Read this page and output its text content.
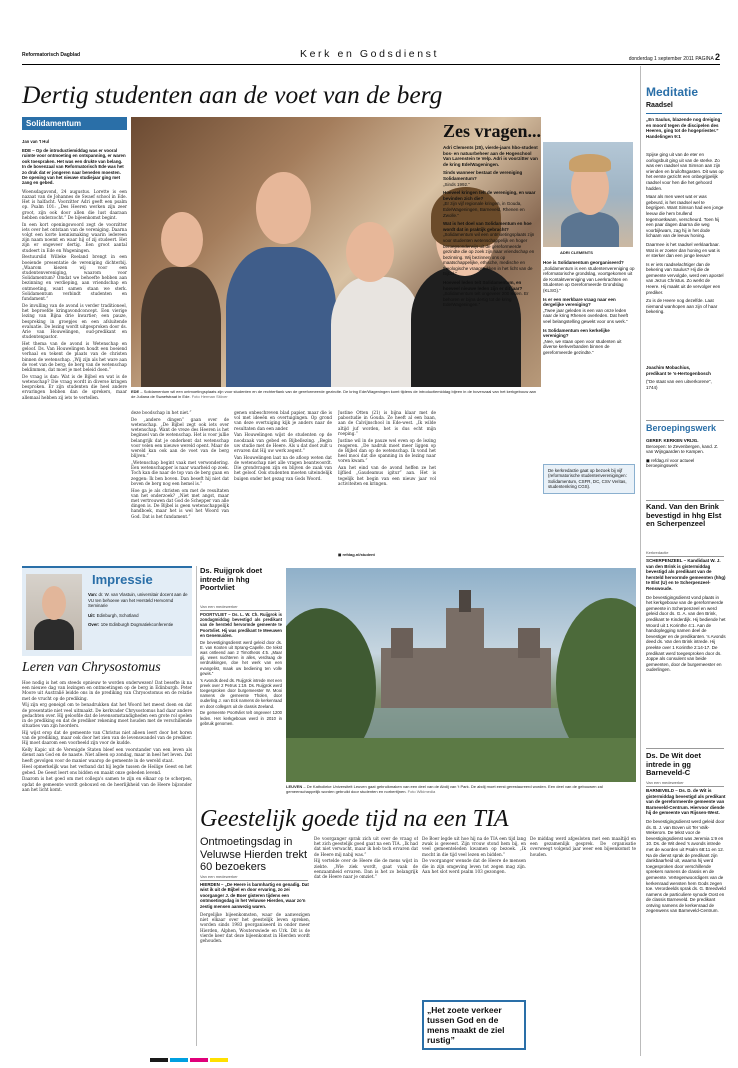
Reformatorisch Dagblad	Kerk en Godsdienst	donderdag 1 september 2011 PAGINA 2
Dertig studenten aan de voet van de berg
Solidamentum
Jan van 't Hul
EDE – Op de introductiemiddag was er vooral ruimte voor ontmoeting en ontspanning, er waren ook toespraken. Het was een drukte van belang. In de bovenzaal van Reformatorisch Ede was het zo druk dat er jongeren naar beneden moesten. De opening van het nieuwe studiejaar ging met zang en gebed.

Woensdagavond, 24 augustus. Lorette is een nazaat van de Johannes de Swaef school in Ede. Het is halfacht. Voorzitter Adri geeft een psalm op. Psalm 101: „Des Heeren werken zijn zeer groot, zijn ook door allen die lust daaraan hebben onderzocht.” De bijeenkomst begint.

In een kort openingswoord zegt de voorzitter iets over het ontstaan van de vereniging. Daarna volgt een korte kennismaking waarin iedereen zijn naam noemt en waar hij of zij studeert. Het zijn er ongeveer dertig. Een groot aantal studeert in Ede en Wageningen.

Bestuurslid Willeke Roeland brengt in een boeiende presentatie de vereniging dichterbij. „Waarom kiezen wij voor een studentenvereniging, waarom voor Solidamentum? Omdat we behoefte hebben aan bezinning en verdieping, aan vriendschap en ontmoeting, want samen staan we sterk. Solidamentum verbindt studenten en fundament.”

De invulling van de avond is verder traditioneel, het beproefde kringavondconcept. Een vierige lezing van Bijna drie kwartier; een pauze, bespreking in groepjes en een afsluitende evaluatie. De lezing wordt uitgesproken door ds. Arie van Houwelingen, oud-predikant en studentenpastor.

Het thema van de avond is Wetenschap en geloof. Ds. Van Houwelingen houdt een boeiend verhaal en tekent de plaats van de christen binnen de wetenschap. „Wij zijn als het ware aan de voet van de berg; de berg van de wetenschap beklimmen, dat moet je met beleid doen.”

De vraag is dan: Wat is de Bijbel en wat is de wetenschap? Die vraag wordt in diverse kringen besproken. Er zijn studenten die heel andere ervaringen hebben dan de sprekers, maar allemaal hebben zij iets te vertellen.

EDE – Solidamentum wil een ontmoetingsplaats zijn voor studenten en de rechterflank van de gereformeerde gezindte. De kring Ede/Wageningen komt tijdens de introductiemiddag bijeen in de bovenzaal van het kerkgebouw aan de Juliana de Swaefstraat in Ede. Foto Herman Stöver

deze boodschap in het niet.”

De „andere dingen” gaan over de wetenschap. „De Bijbel zegt ook iets over wetenschap. Want de vreze des Heeren is het beginsel van de wetenschap. Het is voor jullie belangrijk dat je onderkent dat wetenschap voor velen een nieuwe wereld opent. Maar de wereld kan ook aan de voet van de berg blijven.”

„Wetenschap begint vaak met verwondering. Een wetenschapper is naar waarheid op zoek. Toch kan die naar de top van de berg gaan en zeggen: Ik ben boven. Dan beseft hij niet dat boven de berg nog een hemel is.”

Hoe ga je als christen om met de resultaten van het onderzoek? „Niet met angst, maar met vertrouwen dat God de Schepper van alle dingen is. De Bijbel is geen wetenschappelijk handboek, maar het is wel het Woord van God. Dat is het fundament.”

genen onbeschreven blad papier, maar die is vol met ideeën en overtuigingen. Op grond van deze overtuiging kijk je anders naar de resultaten dan een ander.

Van Houwelingen wijst de studenten op de noodzaak van gebed en Bijbellezing. „Begin uw studie met de Heere. Als u dat doet zult u ervaren dat Hij uw werk zegent.”

Van Houwelingen laat na de afloop weten dat de wetenschap niet alle vragen beantwoordt. Die grondvragen zijn en blijven de zaak van het geloof. Ook studenten moeten uiteindelijk buigen onder het gezag van Gods Woord.

Justine Otten (21) is bijna klaar met de pabostudie in Gouda. Ze heeft al een baan, aan de Calvijnschool in Ede-west. „Ik wilde altijd juf worden, het is dus echt mijn roeping.”

Justine wil in de pauze wel even op de lezing reageren. „De nadruk moet meer liggen op de Bijbel dan op de wetenschap. Ik vond het heel mooi dat die spanning in de lezing naar voren kwam.”

Aan het eind van de avond heffen ze het lijflied „Gaudeamus igitur” aan. Het is tegelijk het begin van een nieuw jaar vol activiteiten en kringen.

◼ refdag.nl/student
Zes vragen...

Adri Clements (20), vierde-jaars hbo-student bos- en natuurbeheer aan de Hogeschool Van Larenstein te Velp. Adri is voorzitter van de kring Ede/Wageningen.

Sinds wanneer bestaat de vereniging Solidamentum?
„Sinds 1992.”

Hoeveel kringen telt de vereniging, en waar bevinden zich die?
„Er zijn vijf regionale kringen, in Gouda, Ede/Wageningen, Barneveld, Rhenen en Zwolle.”

Wat is het doel van Solidamentum en hoe wordt dat in praktijk gebracht?
„Solidamentum wil een ontmoetingsplaats zijn voor studenten wetenschappelijk en hoger beroepsonderwijs uit de gereformeerde gezindte die op zoek zijn naar vriendschap en bezinning. Wij bezinnen ons op maatschappelijke, ethische, medische en theologische vraagstukken in het licht van de Bijbel.”

Hoeveel leden telt Solidamentum, en hoeveel nieuwe leden zijn er dit jaar?
„Solidamentum telt ongeveer 200 leden. Er behoren er bijna dertig tot de kring Ede/Wageningen.”

ADRI CLEMENTS

Hoe is Solidamentum georganiseerd?
„Solidamentum is een studentenvereniging op reformatorische grondslag, voortgekomen uit de Kontaktvereniging van Leerkrachten en Studenten op Gereformeerde Grondslag (KLSG).”

Is er een merkbare vraag naar een dergelijke vereniging?
„Twee jaar geleden is een van onze leden naar de kring Rhenen overleden. Dat heeft veel belangstelling gewekt voor ons werk.”

Is Solidamentum een kerkelijke vereniging?
„Nee, we staan open voor studenten uit diverse kerkverbanden binnen de gereformeerde gezindte.”

De kerkredactie gaat op bezoek bij vijf (reformatorische studentenverenigingen: Solidamentum, CSFR, DC, CSV Veritas, studentenkring CGS).
Meditatie
Raadsel

„En Saulus, blazende nog dreiging en moord tegen de discipelen des Heeren, ging tot de hogepriester.”

Handelingen 9:1

Spijse ging uit van de eter en oorlogsbuit ging uit van de sterke. Zo was een raadsel van Simson aan zijn vrienden en bruiloftsgasten. Dit was op het eerste gezicht een onbegrijpelijk raadsel voor hen die het gehoord hadden.

Maar als men weet wat er was gebeurd, is het raadsel wel te begrijpen. Want Simson had een jonge leeuw die hem brullend tegemoetkwam, verscheurd. Toen hij een paar dagen daarna die weg voorbijkwam, zag hij in het dode lichaam van de leeuw honing.

Daarmee is het raadsel verklaarbaar. Wat is er zoeter dan honing en wat is er sterker dan een jonge leeuw?

Is er iets raadselachtiger dan de bekering van Saulus? Hij die de gemeente vervolgde, werd een apostel van Jezus Christus. Zo werkt de Heere. Hij maakt uit de vervolger een prediker.

Zo is de Heere nog dezelfde. Laat niemand wanhopen aan zijn of haar bekering.

Joachim Mobachius,
predikant te 's-Hertogenbosch
(“De staat van een uitverkorene”, 1744)
Beroepingswerk
GEREF. KERKEN VRIJG.
Beroepen: te Zevenbergen, kand. Z. van Wijngaarden te Kampen.
◼ refdag.nl voor actueel beroepingswerk
Kand. Van den Brink bevestigd in hhg Elst en Scherpenzeel
Kerkredactie

SCHERPENZEEL – Kandidaat W. J. van den Brink is gistermiddag bevestigd als predikant van de hersteld hervormde gemeenten (hhg) te Elst (U) en te Scherpenzeel-Renswoude.

De bevestigingsdienst vond plaats in het kerkgebouw van de gereformeerde gemeente in Scherpenzeel en werd geleid door ds. G. A. van den Brink, predikant te Kinderdijk. Hij bediende het Woord uit 1 Korinthe 4:1. Aan de handoplegging namen deel de bevestiger en de predikanten. 's Avonds deed ds. Van den Brink intrede. Hij preekte over 1 Korinthe 2:14-17. De predikant werd toegesproken door ds. Joppe als consulent van beide gemeenten, door de burgemeester en ouderlingen.

Ds. De Wit doet intrede in gg Barneveld-C
Van een medewerker

BARNEVELD – Ds. D. de Wit is gistermiddag bevestigd als predikant van de gereformeerde gemeente van Barneveld-Centrum. Hiervoor diende hij de gemeente van Rijssen-West.

De bevestigingsdienst werd geleid door ds. B. J. van Boven uit Ter Valk-Wekerom. De tekst voor de bevestigingsdienst was Jeremia 1:9 en 10. Ds. de Wit deed 's avonds intrede met de woorden uit Psalm 68:11 en 12. Na de dienst sprak de predikant zijn dankbaarheid uit, waarna hij werd toegesproken door verschillende sprekers namens de classis en de gemeente. Vertegenwoordigers van de kerkenraad wensten hem Gods zegen toe. Verordeelds sprak ds. G. Breedveld namens de particuliere synode Oost en de classis Barneveld. De predikant ontving namens de kerkenraad de zegenwens van Barneveld-Centrum.

Impressie
Van: dr. W. van Vlastuin, universitair docent aan de VU ten behoeve van het Hersteld Hervormd Seminarie
Uit: Edinburgh, Schotland
Over: 10e Edinburgh Dogmatiekconferentie
Leren van Chrysostomus

Hoe nodig is het om steeds opnieuw te worden onderwezen! Dat besefte ik na een nieuwe dag van lezingen en ontmoetingen op de berg in Edinburgh. Peter Moore uit Australië leidde ons in de prediking van Chrysostomus en de relatie met de vrucht op de prediking.

Wij zijn erg geneigd om te benadrukken dat het Woord het meest doen en dat de presentatie niet veel uitmaakt. De kerkvader Chrysostomus had daar andere gedachten over. Hij geloofde dat de levensomstandigheden een grote rol spelen in de prediking en dat de prediker rekening moet houden met de verschillende situaties van zijn hoorders.

Hij wijst erop dat de gemeente van Christus niet alleen leert door het horen van de prediking, maar ook door het zien van de levenswandel van de prediker. Hij moet daarom een voorbeeld zijn voor de kudde.

Kelly Kapic uit de Verenigde Staten bleef een voorstander van een leven als dienst aan God en de naaste. Niet alleen op zondag, maar in heel het leven. Dat heeft gevolgen voor de manier waarop de gemeente in de wereld staat.

Heel opmerkelijk was het verband dat hij legde tussen de Heilige Geest en het gebed. De Geest leert ons bidden en maakt onze gebeden levend.

Daarom is het goed om met collega's samen te zijn en elkaar op te scherpen, opdat de gemeente wordt gebouwd en de heerlijkheid van de Heere bijzonder aan het licht komt.

Ds. Ruijgrok doet intrede in hhg Poortvliet
Van een medewerker

POORTVLIET – Ds. L. W. Ch. Ruijgrok is zondagmiddag bevestigd als predikant van de hersteld hervormde gemeente te Poortvliet. Hij was predikant te Meeuwen en Genemuiden.

De bevestigingsdienst werd geleid door ds. E. van Kooten uit Sprang-Capelle. De tekst was ontleend aan 2 Timotheüs 4:5. „Maar gij, wees nuchteren in alles, verdraag de verdrukkingen, doe het werk van een evangelist, maak uw bediening ten volle gewis.”

's Avonds deed ds. Ruijgrok intrede met een preek over 2 Petrus 1:19. Ds. Ruijgrok werd toegesproken door burgemeester W. Mooi namens de gemeente Tholen, door ouderling J. van Eck namens de kerkenraad en door collega's uit de classis Zeeland.

De gemeente Poortvliet telt ongeveer 1200 leden. Het kerkgebouw werd in 2010 in gebruik genomen.

LEUVEN – De Katholieke Universiteit Leuven gaat gebruikmaken van een deel van de Abdij van 't Park. De abdij moet eerst gerestaureerd worden. Een deel van de gebouwen zal gemeenschappelijk worden gebruikt door studenten en norbertijnen. Foto Wikimedia
Geestelijk goede tijd na een TIA
Ontmoetingsdag in Veluwse Hierden trekt 60 bezoekers
Van een medewerker
HIERDEN – „De Heere is barmhartig en genadig. Dat wist ik uit de Bijbel en door ervaring, zo zei voorganger J. de Boer gisteren tijdens een ontmoetingsdag in het Veluwse Hierden, waar zo'n zestig mensen aanwezig waren.

Dergelijke bijeenkomsten, waar de aanwezigen niet elkaar over het geestelijk leven spreken, worden sinds 1983 georganiseerd in onder meer Hierden, Alphen, Wouterswiede en Urk. Dit is de vierde keer dat deze bijeenkomst in Hierden wordt gehouden.

De voorganger sprak zich uit over de vraag of het zich geestelijk goed gaat na een TIA. „Ik had dat niet verwacht, maar ik heb toch ervaren dat de Heere mij nabij was.”

Hij vertelde over de Heere die de mens wijst in ziekte. „Wie ziek wordt, gaat vaak de eenzaamheid ervaren. Dan is het zo belangrijk dat de Heere naar je omziet.”

De Boer legde uit hoe hij na de TIA een tijd lang zwak is geweest. Zijn vrouw stond hem bij, en veel gemeenteleden kwamen op bezoek. „Ik mocht in die tijd veel lezen en bidden.”

De voorganger wensde dat de Heere de mensen die in zijn omgeving leven tot zegen mag zijn. Aan het slot werd psalm 103 gezongen.

„Het zoete verkeer tussen God en de mens maakt de ziel rustig”

De middag werd afgesloten met een maaltijd en een gezamenlijk gesprek. De organisatie overweegt volgend jaar weer een bijeenkomst te houden.
